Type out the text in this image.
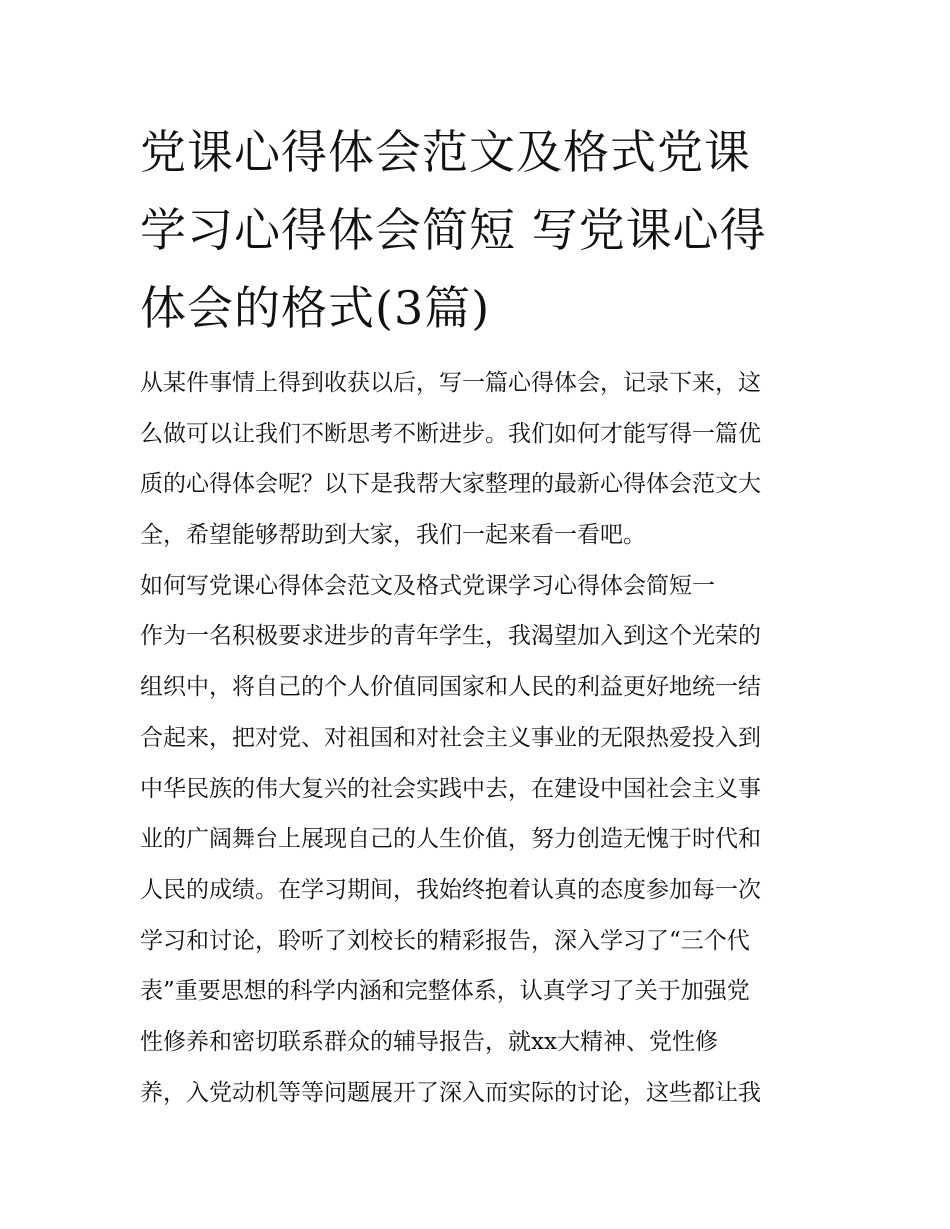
党课心得体会范文及格式党课
学习心得体会简短 写党课心得
体会的格式(3篇)
从某件事情上得到收获以后，写一篇心得体会，记录下来，这
么做可以让我们不断思考不断进步。我们如何才能写得一篇优
质的心得体会呢？以下是我帮大家整理的最新心得体会范文大
全，希望能够帮助到大家，我们一起来看一看吧。
如何写党课心得体会范文及格式党课学习心得体会简短一
作为一名积极要求进步的青年学生，我渴望加入到这个光荣的
组织中，将自己的个人价值同国家和人民的利益更好地统一结
合起来，把对党、对祖国和对社会主义事业的无限热爱投入到
中华民族的伟大复兴的社会实践中去，在建设中国社会主义事
业的广阔舞台上展现自己的人生价值，努力创造无愧于时代和
人民的成绩。在学习期间，我始终抱着认真的态度参加每一次
学习和讨论，聆听了刘校长的精彩报告，深入学习了“三个代
表”重要思想的科学内涵和完整体系，认真学习了关于加强党
性修养和密切联系群众的辅导报告，就xx大精神、党性修
养，入党动机等等问题展开了深入而实际的讨论，这些都让我
